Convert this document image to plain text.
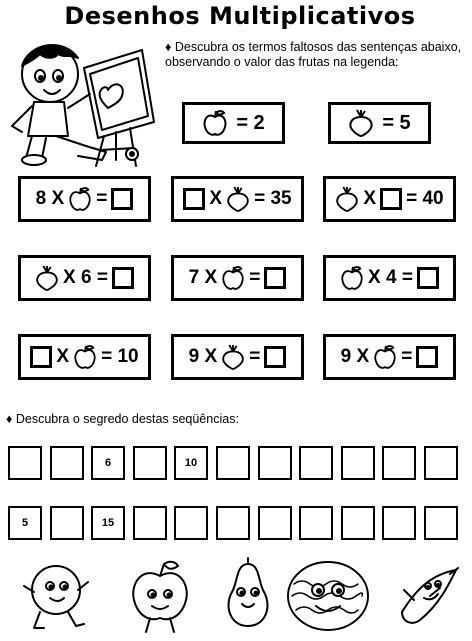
Desenhos Multiplicativos
♦ Descubra os termos faltosos das sentenças abaixo, observando o valor das frutas na legenda:
= 2	= 5
8 X =	X = 35	X = 40
X 6 =	7 X =	X 4 =
X = 10	9 X =	9 X =
♦ Descubra o segredo destas seqüências:
6	10
5	15
